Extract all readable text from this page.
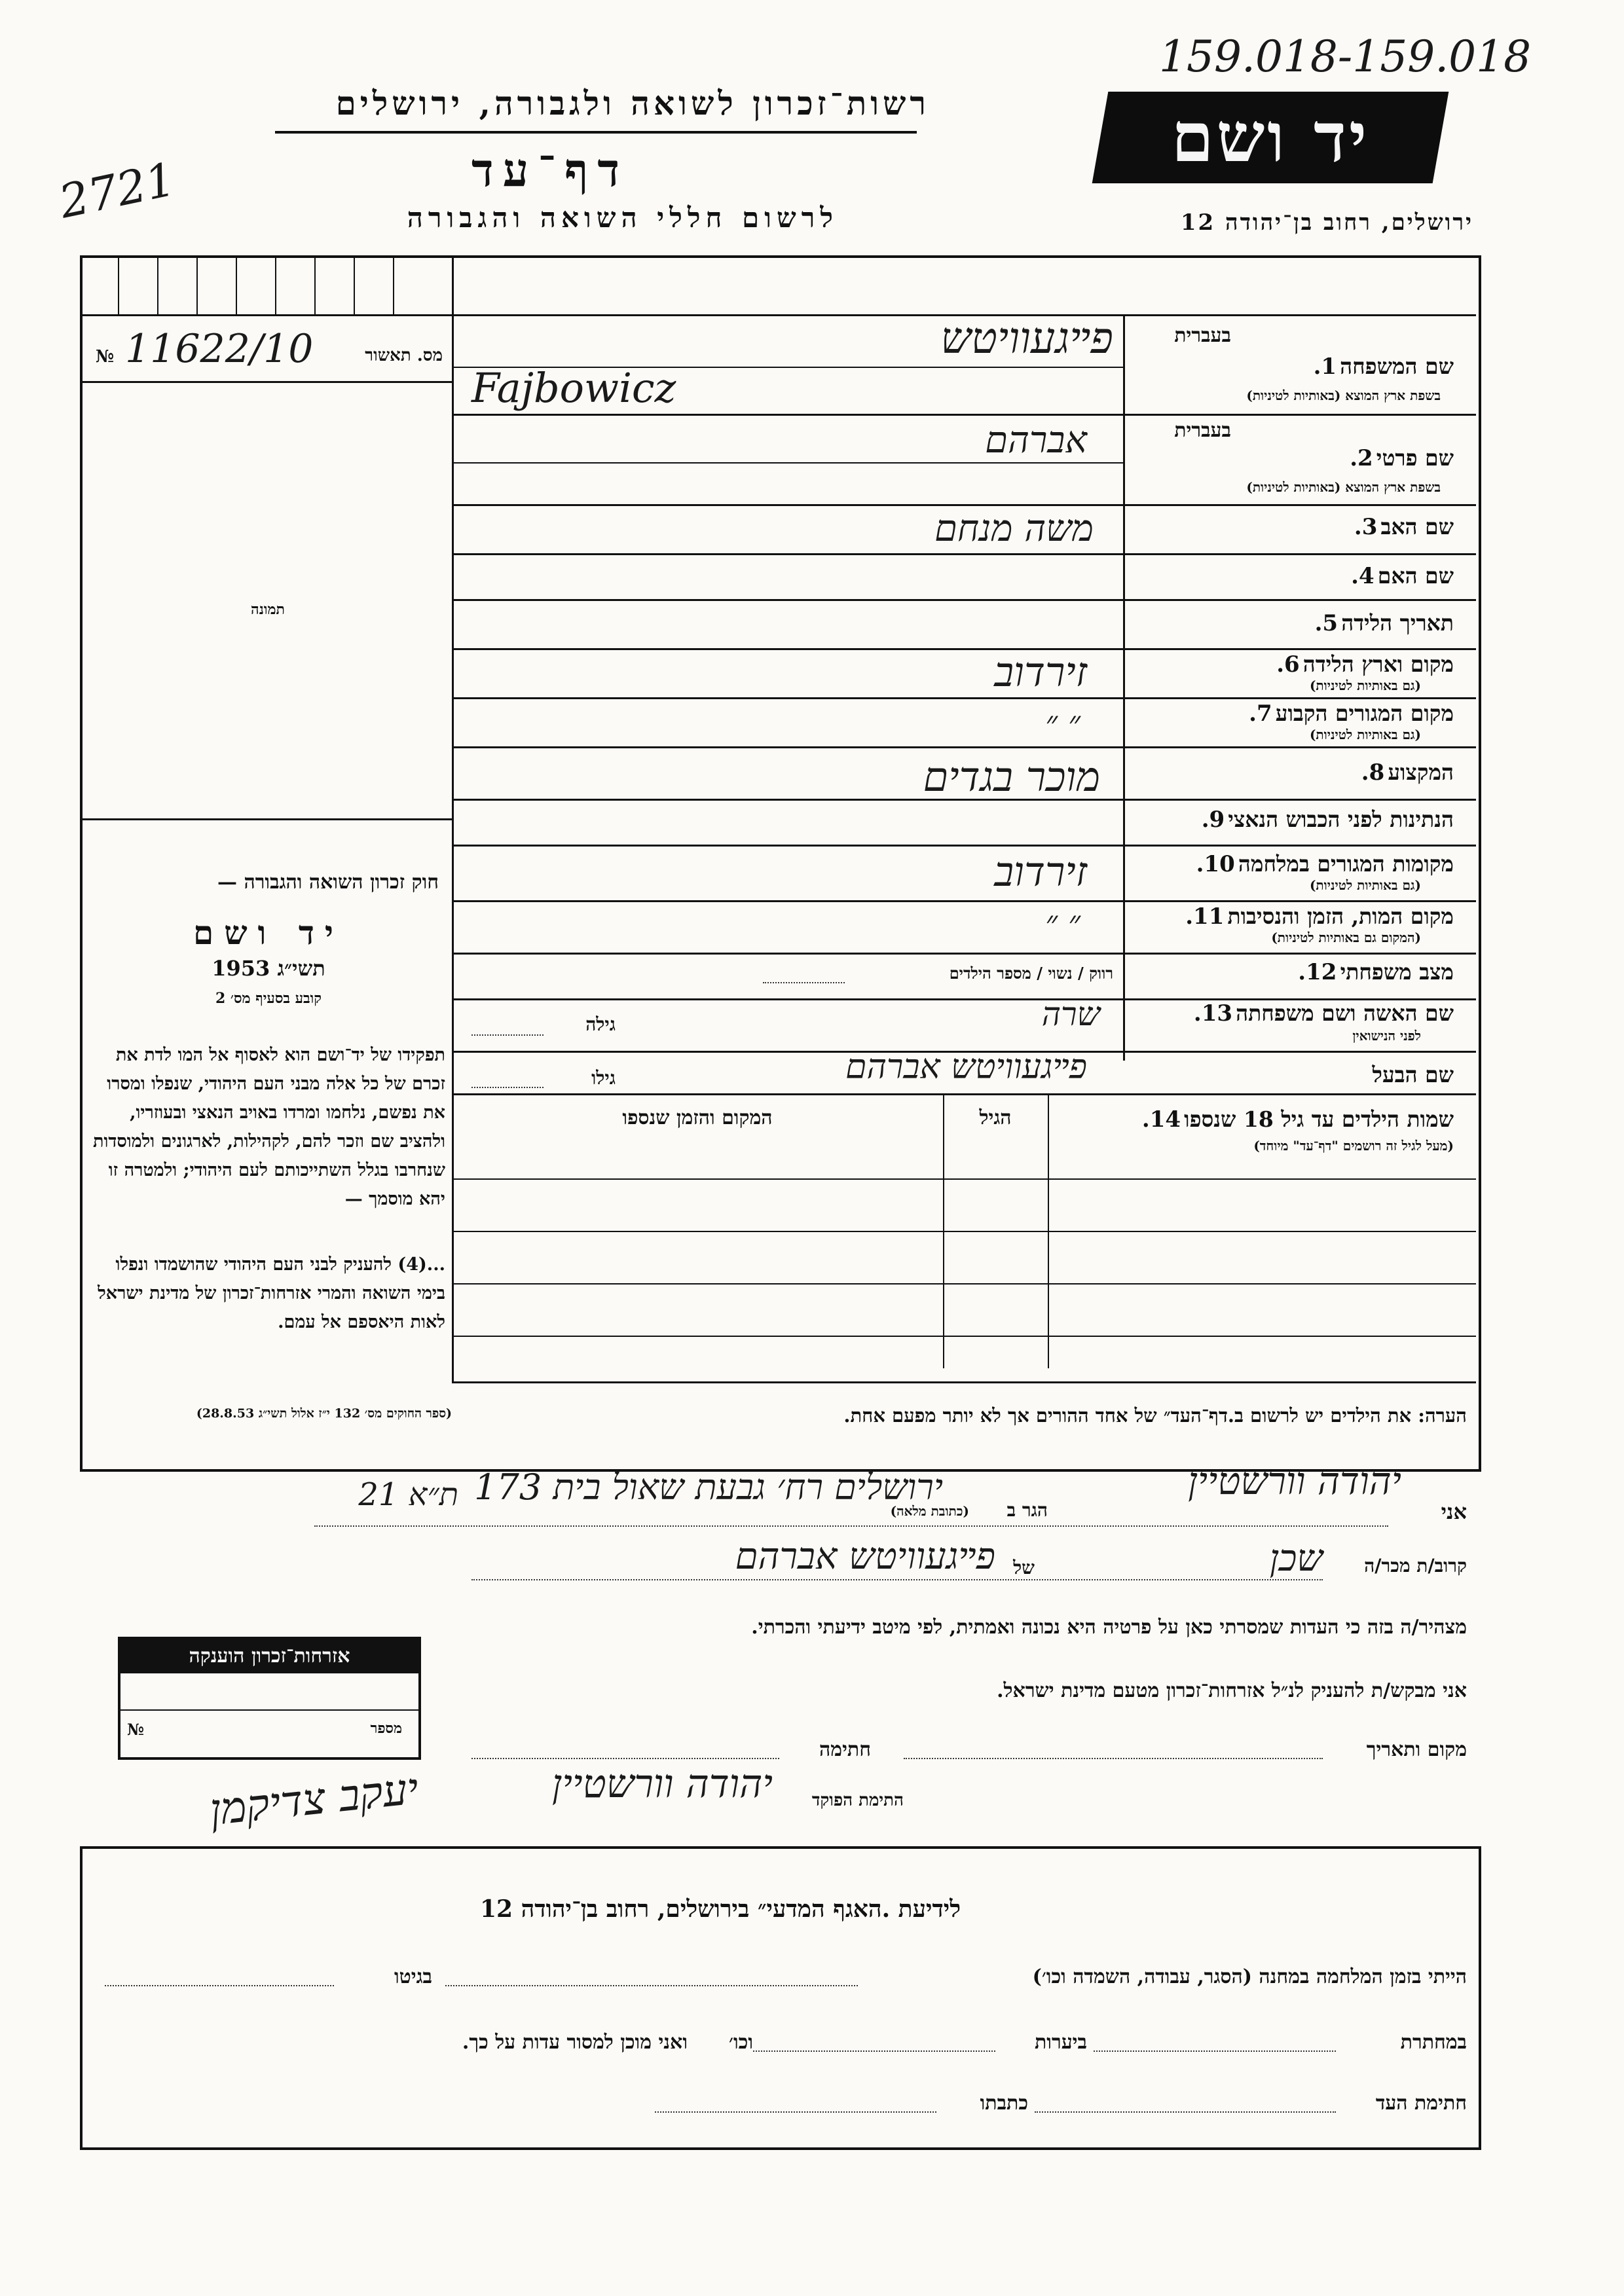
159.018-159.018
2721
רשות־זכרון לשואה ולגבורה, ירושלים
דף־עד
לרשום חללי השואה והגבורה
יד ושם
ירושלים, רחוב בן־יהודה 12
№ 11622/10	מס. תאשור
תמונה
חוק זכרון השואה והגבורה —
יד ושם
תשי״ג 1953
קובע בסעיף מס׳ 2
תפקידו של יד־ושם הוא לאסוף אל המו לדת את זכרם של כל אלה מבני העם היהודי, שנפלו ומסרו את נפשם, נלחמו ומרדו באויב הנאצי ובעוזריו, ולהציב שם וזכר להם, לקהילות, לארגונים ולמוסדות שנחרבו בגלל השתייכותם לעם היהודי; ולמטרה זו יהא מוסמך —
...(4) להעניק לבני העם היהודי שהושמדו ונפלו בימי השואה והמרי אזרחות־זכרון של מדינת ישראל לאות היאספם אל עמם.
(ספר החוקים מס׳ 132 י״ז אלול תשי״ג 28.8.53)
בעברית
שם המשפחה 1.
בשפת ארץ המוצא (באותיות לטיניות)
פײגעוויטש
Fajbowicz
בעברית
שם פרטי 2.
בשפת ארץ המוצא (באותיות לטיניות)
אברהם
שם האב 3.
משה מנחם
שם האם 4.
תאריך הלידה 5.
מקום וארץ הלידה 6.
(גם באותיות לטיניות)
זירדוב
מקום המגורים הקבוע 7.
(גם באותיות לטיניות)
״ ״
המקצוע 8.
מוכר בגדים
הנתינות לפני הכבוש הנאצי 9.
מקומות המגורים במלחמה 10.
(גם באותיות לטיניות)
זירדוב
מקום המות, הזמן והנסיבות 11.
(המקום גם באותיות לטיניות)
״ ״
מצב משפחתי 12.
רווק / נשוי / מספר הילדים
שם האשה ושם משפחתה 13.
לפני הנישואין
שרה
גילה
שם הבעל
פײגעוויטש אברהם
גילו
שמות הילדים עד גיל 18 שנספו 14.
(מעל לגיל זה רושמים "דף־עד" מיוחד)
הגיל
המקום והזמן שנספו
הערה: את הילדים יש לרשום ב.דף־העד״ של אחד ההורים אך לא יותר מפעם אחת.
אני
יהודה וורשטיין
הגר ב
(כתובת מלאה)
ירושלים רח׳ גבעת שאול בית 173
ת״א 21
קרוב/ת מכר/ה
שכן
של
פײגעוויטש אברהם
מצהיר/ה בזה כי העדות שמסרתי כאן על פרטיה היא נכונה ואמתית, לפי מיטב ידיעתי והכרתי.
אני מבקש/ת להעניק לנ״ל אזרחות־זכרון מטעם מדינת ישראל.
מקום ותאריך
חתימה
התימת הפוקד
יהודה וורשטיין
יעקב צדיקמן
אזרחות־זכרון הוענקה
№	מספר
לידיעת .האגף המדעי״ בירושלים, רחוב בן־יהודה 12
הייתי בזמן המלחמה במחנה (הסגר, עבודה, השמדה וכו׳)
בגיטו
במחתרת
ביערות
וכו׳
ואני מוכן למסור עדות על כך.
חתימת העד
כתבתו
